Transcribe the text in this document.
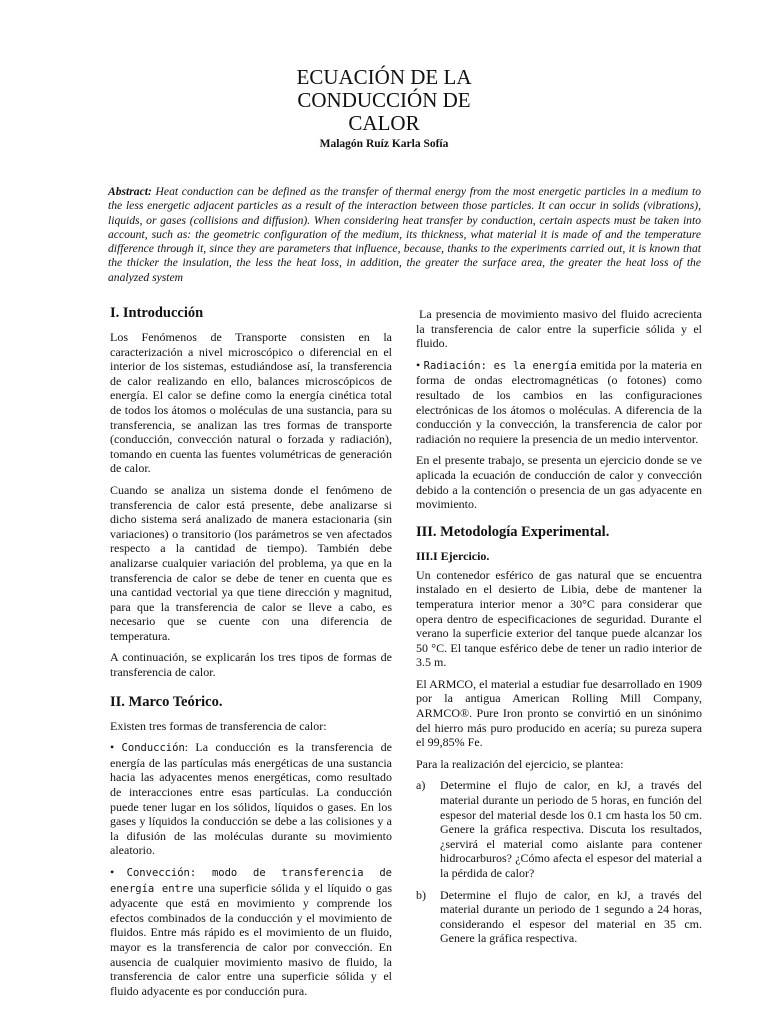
ECUACIÓN DE LA
CONDUCCIÓN DE
CALOR
Malagón Ruíz Karla Sofía
Abstract: Heat conduction can be defined as the transfer of thermal energy from the most energetic particles in a medium to the less energetic adjacent particles as a result of the interaction between those particles. It can occur in solids (vibrations), liquids, or gases (collisions and diffusion). When considering heat transfer by conduction, certain aspects must be taken into account, such as: the geometric configuration of the medium, its thickness, what material it is made of and the temperature difference through it, since they are parameters that influence, because, thanks to the experiments carried out, it is known that the thicker the insulation, the less the heat loss, in addition, the greater the surface area, the greater the heat loss of the analyzed system
I. Introducción

Los Fenómenos de Transporte consisten en la caracterización a nivel microscópico o diferencial en el interior de los sistemas, estudiándose así, la transferencia de calor realizando en ello, balances microscópicos de energía. El calor se define como la energía cinética total de todos los átomos o moléculas de una sustancia, para su transferencia, se analizan las tres formas de transporte (conducción, convección natural o forzada y radiación), tomando en cuenta las fuentes volumétricas de generación de calor.

Cuando se analiza un sistema donde el fenómeno de transferencia de calor está presente, debe analizarse si dicho sistema será analizado de manera estacionaria (sin variaciones) o transitorio (los parámetros se ven afectados respecto a la cantidad de tiempo). También debe analizarse cualquier variación del problema, ya que en la transferencia de calor se debe de tener en cuenta que es una cantidad vectorial ya que tiene dirección y magnitud, para que la transferencia de calor se lleve a cabo, es necesario que se cuente con una diferencia de temperatura.

A continuación, se explicarán los tres tipos de formas de transferencia de calor.

II. Marco Teórico.

Existen tres formas de transferencia de calor:

• Conducción: La conducción es la transferencia de energía de las partículas más energéticas de una sustancia hacia las adyacentes menos energéticas, como resultado de interacciones entre esas partículas. La conducción puede tener lugar en los sólidos, líquidos o gases. En los gases y líquidos la conducción se debe a las colisiones y a la difusión de las moléculas durante su movimiento aleatorio.

• Convección: modo de transferencia de energía entre una superficie sólida y el líquido o gas adyacente que está en movimiento y comprende los efectos combinados de la conducción y el movimiento de fluidos. Entre más rápido es el movimiento de un fluido, mayor es la transferencia de calor por convección. En ausencia de cualquier movimiento masivo de fluido, la transferencia de calor entre una superficie sólida y el fluido adyacente es por conducción pura.

La presencia de movimiento masivo del fluido acrecienta la transferencia de calor entre la superficie sólida y el fluido.

• Radiación: es la energía emitida por la materia en forma de ondas electromagnéticas (o fotones) como resultado de los cambios en las configuraciones electrónicas de los átomos o moléculas. A diferencia de la conducción y la convección, la transferencia de calor por radiación no requiere la presencia de un medio interventor.

En el presente trabajo, se presenta un ejercicio donde se ve aplicada la ecuación de conducción de calor y convección debido a la contención o presencia de un gas adyacente en movimiento.

III. Metodología Experimental.
III.I Ejercicio.

Un contenedor esférico de gas natural que se encuentra instalado en el desierto de Libia, debe de mantener la temperatura interior menor a 30°C para considerar que opera dentro de especificaciones de seguridad. Durante el verano la superficie exterior del tanque puede alcanzar los 50 °C. El tanque esférico debe de tener un radio interior de 3.5 m.

El ARMCO, el material a estudiar fue desarrollado en 1909 por la antigua American Rolling Mill Company, ARMCO®. Pure Iron pronto se convirtió en un sinónimo del hierro más puro producido en acería; su pureza supera el 99,85% Fe.

Para la realización del ejercicio, se plantea:

a)	Determine el flujo de calor, en kJ, a través del material durante un periodo de 5 horas, en función del espesor del material desde los 0.1 cm hasta los 50 cm. Genere la gráfica respectiva. Discuta los resultados, ¿servirá el material como aislante para contener hidrocarburos? ¿Cómo afecta el espesor del material a la pérdida de calor?
b)	Determine el flujo de calor, en kJ, a través del material durante un periodo de 1 segundo a 24 horas, considerando el espesor del material en 35 cm. Genere la gráfica respectiva.
